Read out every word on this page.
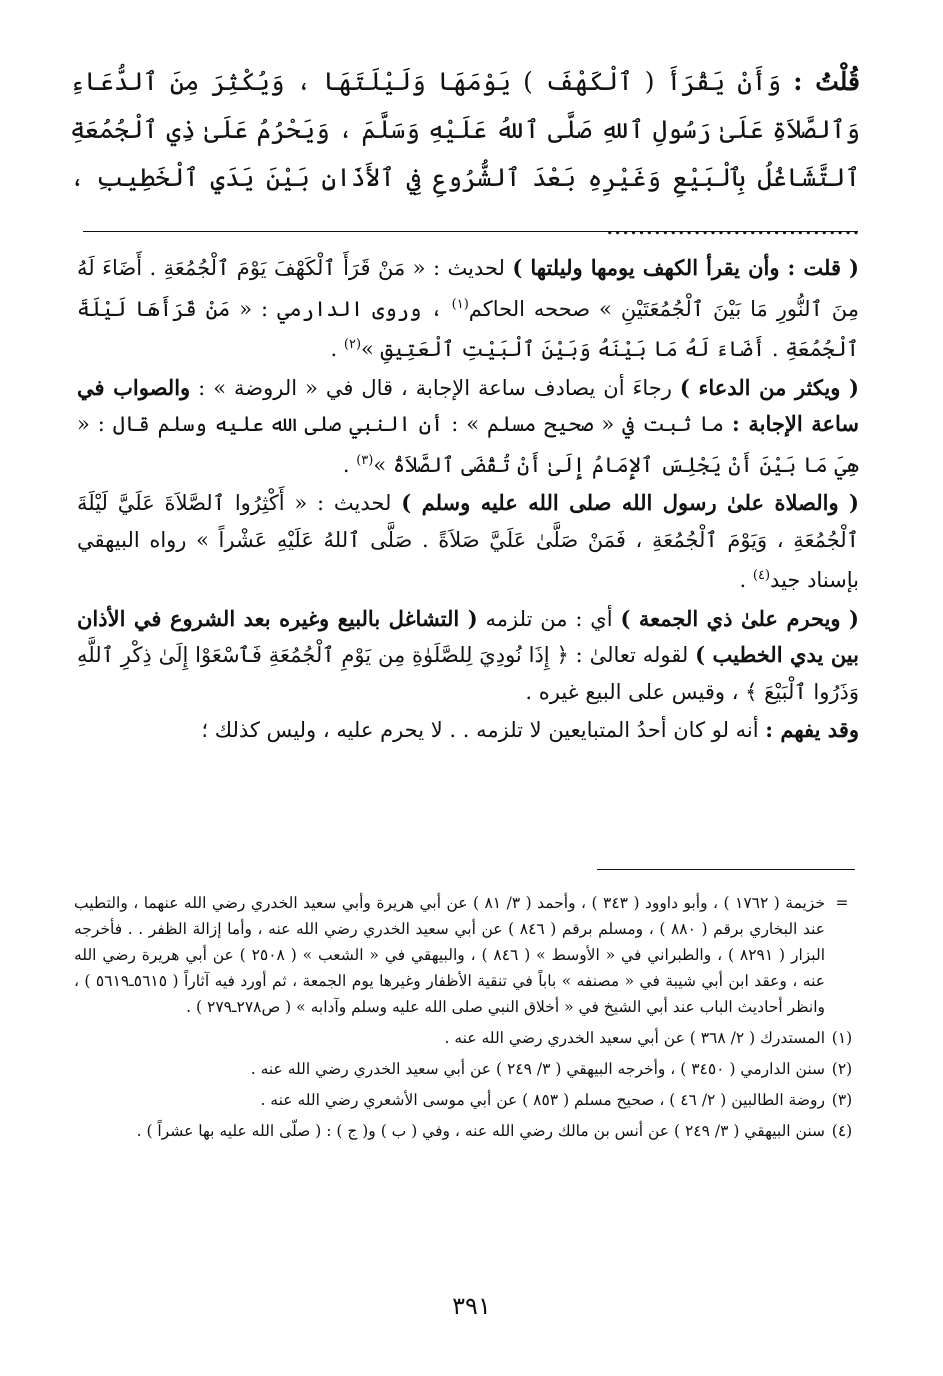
قُلْتُ : وَأَنْ يَقْرَأَ ( ٱلْكَهْفَ ) يَوْمَهَا وَلَيْلَتَهَا ، وَيُكْثِرَ مِنَ ٱلدُّعَاءِ وَٱلصَّلاَةِ عَلَىٰ رَسُولِ ٱللهِ صَلَّى ٱللهُ عَلَيْهِ وَسَلَّمَ ، وَيَحْرُمُ عَلَىٰ ذِي ٱلْجُمُعَةِ ٱلتَّشَاغُلُ بِٱلْبَيْعِ وَغَيْرِهِ بَعْدَ ٱلشُّرُوعِ فِي ٱلأَذَانِ بَيْنَ يَدَيِ ٱلْخَطِيبِ ، ................................

( قلت : وأن يقرأ الكهف يومها وليلتها ) لحديث : « مَنْ قَرَأَ ٱلْكَهْفَ يَوْمَ ٱلْجُمُعَةِ . أَضَاءَ لَهُ مِنَ ٱلنُّورِ مَا بَيْنَ ٱلْجُمُعَتَيْنِ » صححه الحاكم$^{(١)}$ ، وروى الدارمي : « مَنْ قَرَأَهَا لَيْلَةَ ٱلْجُمُعَةِ . أَضَاءَ لَهُ مَا بَيْنَهُ وَبَيْنَ ٱلْبَيْتِ ٱلْعَتِيقِ »$^{(٢)}$ .

( ويكثر من الدعاء ) رجاءَ أن يصادف ساعة الإجابة ، قال في « الروضة » : والصواب في ساعة الإجابة : ما ثبت في « صحيح مسلم » : أن النبي صلى الله عليه وسلم قال : « هِيَ مَا بَيْنَ أَنْ يَجْلِسَ ٱلإِمَامُ إِلَىٰ أَنْ تُقْضَى ٱلصَّلاَةُ »$^{(٣)}$ .

( والصلاة علىٰ رسول الله صلى الله عليه وسلم ) لحديث : « أَكْثِرُوا ٱلصَّلاَةَ عَلَيَّ لَيْلَةَ ٱلْجُمُعَةِ ، وَيَوْمَ ٱلْجُمُعَةِ ، فَمَنْ صَلَّىٰ عَلَيَّ صَلاَةً . صَلَّى ٱللهُ عَلَيْهِ عَشْراً » رواه البيهقي بإسناد جيد$^{(٤)}$ .

( ويحرم علىٰ ذي الجمعة ) أي : من تلزمه ( التشاغل بالبيع وغيره بعد الشروع في الأذان بين يدي الخطيب ) لقوله تعالىٰ : ﴿ إِذَا نُودِيَ لِلصَّلَوٰةِ مِن يَوْمِ ٱلْجُمُعَةِ فَٱسْعَوْا إِلَىٰ ذِكْرِ ٱللَّهِ وَذَرُوا ٱلْبَيْعَ ﴾ ، وقيس على البيع غيره .

وقد يفهم : أنه لو كان أحدُ المتبايعين لا تلزمه . . لا يحرم عليه ، وليس كذلك ؛

=
خزيمة ( ١٧٦٢ ) ، وأبو داوود ( ٣٤٣ ) ، وأحمد ( ٣/ ٨١ ) عن أبي هريرة وأبي سعيد الخدري رضي الله عنهما ، والتطيب عند البخاري برقم ( ٨٨٠ ) ، ومسلم برقم ( ٨٤٦ ) عن أبي سعيد الخدري رضي الله عنه ، وأما إزالة الظفر . . فأخرجه البزار ( ٨٢٩١ ) ، والطبراني في « الأوسط » ( ٨٤٦ ) ، والبيهقي في « الشعب » ( ٢٥٠٨ ) عن أبي هريرة رضي الله عنه ، وعقد ابن أبي شيبة في « مصنفه » باباً في تنقية الأظفار وغيرها يوم الجمعة ، ثم أورد فيه آثاراً ( ٥٦١٥ـ٥٦١٩ ) ، وانظر أحاديث الباب عند أبي الشيخ في « أخلاق النبي صلى الله عليه وسلم وآدابه » ( ص٢٧٨ـ٢٧٩ ) .
(١)
المستدرك ( ٢/ ٣٦٨ ) عن أبي سعيد الخدري رضي الله عنه .
(٢)
سنن الدارمي ( ٣٤٥٠ ) ، وأخرجه البيهقي ( ٣/ ٢٤٩ ) عن أبي سعيد الخدري رضي الله عنه .
(٣)
روضة الطالبين ( ٢/ ٤٦ ) ، صحيح مسلم ( ٨٥٣ ) عن أبي موسى الأشعري رضي الله عنه .
(٤)
سنن البيهقي ( ٣/ ٢٤٩ ) عن أنس بن مالك رضي الله عنه ، وفي ( ب ) و( ج ) : ( صلّى الله عليه بها عشراً ) .
٣٩١
